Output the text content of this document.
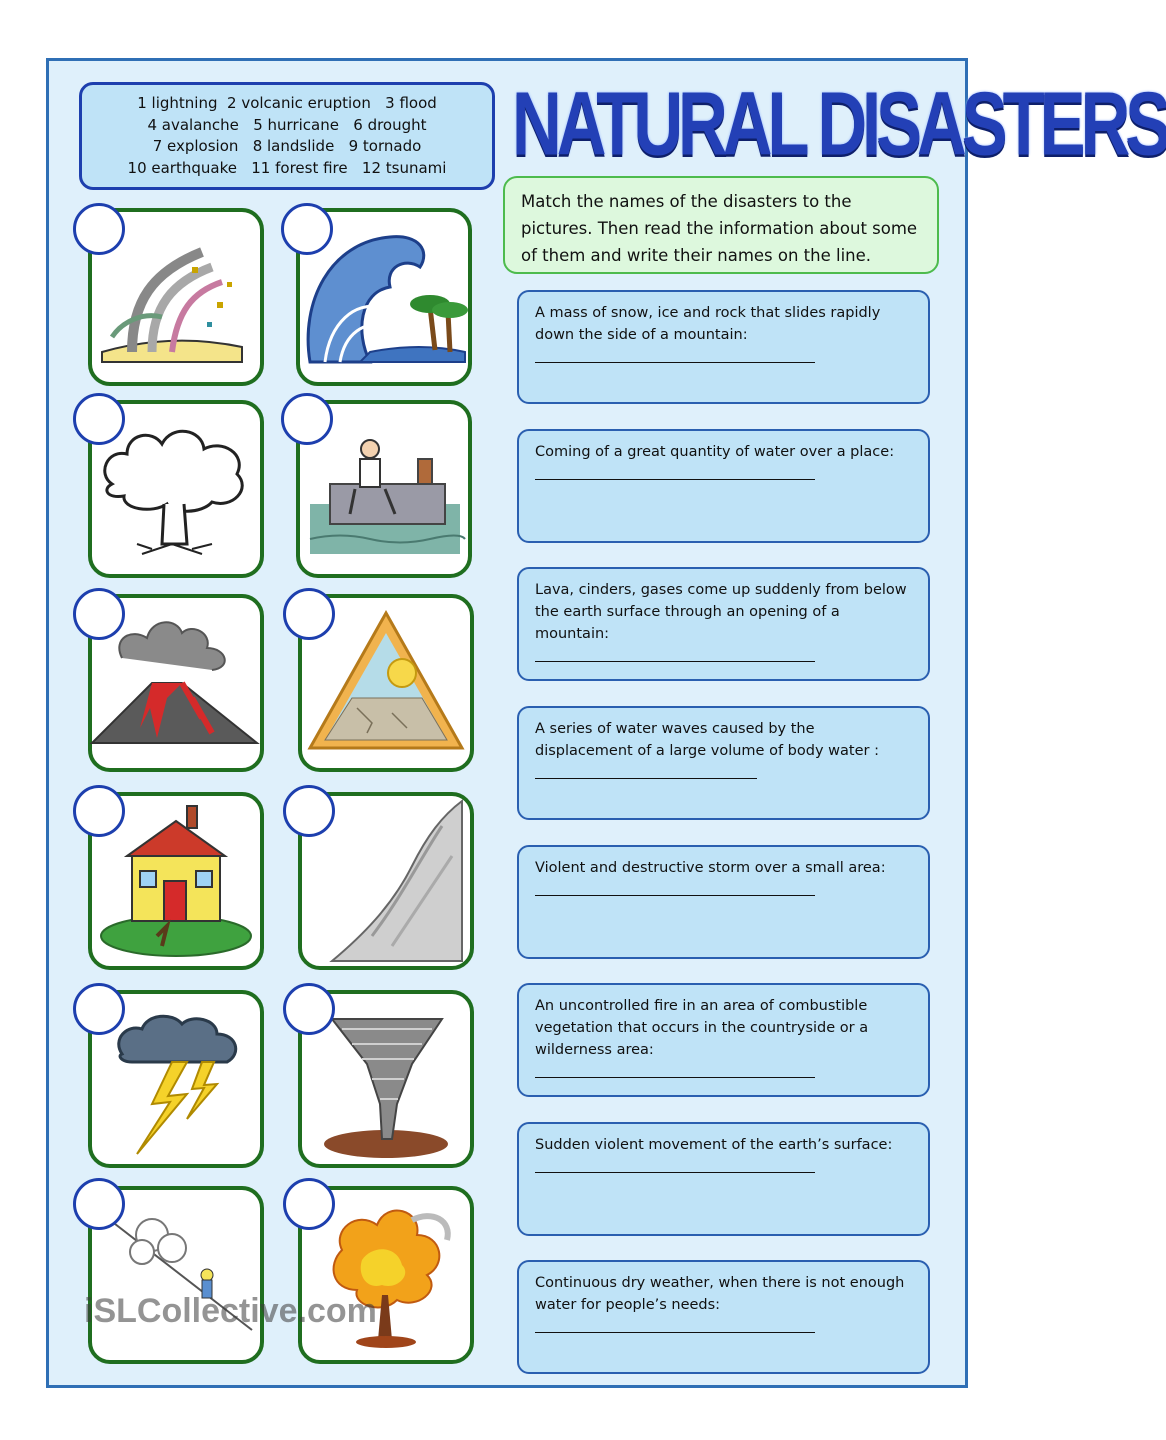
1 lightning  2 volcanic eruption   3 flood
4 avalanche   5 hurricane   6 drought
7 explosion   8 landslide   9 tornado
10 earthquake   11 forest fire   12 tsunami NATURAL DISASTERS
Match the names of the disasters to the pictures. Then read the information about some of them and write their names on the line.
A mass of snow, ice and rock that slides rapidly down the side of a mountain:
Coming of a great quantity of water over a place:
Lava, cinders, gases come up suddenly from below the earth surface through an opening of a mountain:
A series of water waves caused by the displacement of a large volume of body water :
Violent and destructive storm over a small area:
An uncontrolled fire in an area of combustible vegetation that occurs in the countryside or a wilderness area:
Sudden violent movement of the earth’s surface:
Continuous dry weather, when there is not enough water for people’s needs:
iSLCollective.com
